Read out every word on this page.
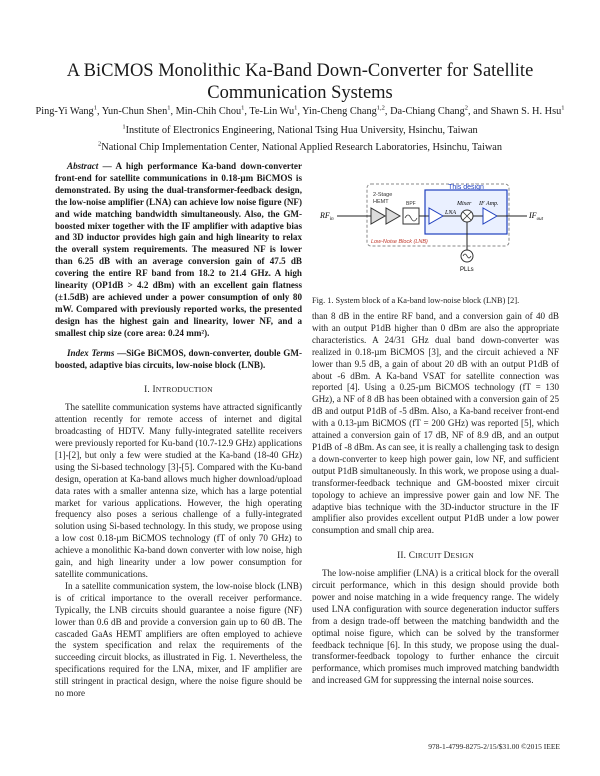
A BiCMOS Monolithic Ka-Band Down-Converter for Satellite
Communication Systems
Ping-Yi Wang$^1$, Yun-Chun Shen$^1$, Min-Chih Chou$^1$, Te-Lin Wu$^1$, Yin-Cheng Chang$^{1,2}$, Da-Chiang Chang$^2$, and Shawn S. H. Hsu$^1$
$^1$Institute of Electronics Engineering, National Tsing Hua University, Hsinchu, Taiwan
$^2$National Chip Implementation Center, National Applied Research Laboratories, Hsinchu, Taiwan

Abstract — A high performance Ka-band down-converter front-end for satellite communications in 0.18-µm BiCMOS is demonstrated. By using the dual-transformer-feedback design, the low-noise amplifier (LNA) can achieve low noise figure (NF) and wide matching bandwidth simultaneously. Also, the GM-boosted mixer together with the IF amplifier with adaptive bias and 3D inductor provides high gain and high linearity to relax the overall system requirements. The measured NF is lower than 6.25 dB with an average conversion gain of 47.5 dB covering the entire RF band from 18.2 to 21.4 GHz. A high linearity (OP1dB > 4.2 dBm) with an excellent gain flatness (±1.5dB) are achieved under a power consumption of only 80 mW. Compared with previously reported works, the presented design has the highest gain and linearity, lower NF, and a smallest chip size (core area: 0.24 mm²).

Index Terms —SiGe BiCMOS, down-converter, double GM-boosted, adaptive bias circuits, low-noise block (LNB).

I. INTRODUCTION

The satellite communication systems have attracted significantly attention recently for remote access of internet and digital broadcasting of HDTV. Many fully-integrated satellite receivers were previously reported for Ku-band (10.7-12.9 GHz) applications [1]-[2], but only a few were studied at the Ka-band (18-40 GHz) using the Si-based technology [3]-[5]. Compared with the Ku-band design, operation at Ka-band allows much higher download/upload data rates with a smaller antenna size, which has a large potential market for various applications. However, the high operating frequency also poses a serious challenge of a fully-integrated solution using Si-based technology. In this study, we propose using a low cost 0.18-µm BiCMOS technology (fT of only 70 GHz) to achieve a monolithic Ka-band down converter with low noise, high gain, and high linearity under a low power consumption for satellite communications.

In a satellite communication system, the low-noise block (LNB) is of critical importance to the overall receiver performance. Typically, the LNB circuits should guarantee a noise figure (NF) lower than 0.6 dB and provide a conversion gain up to 60 dB. The cascaded GaAs HEMT amplifiers are often employed to achieve the system specification and relax the requirements of the succeeding circuit blocks, as illustrated in Fig. 1. Nevertheless, the specifications required for the LNA, mixer, and IF amplifier are still stringent in practical design, where the noise figure should be no more

This design
$RF_{in}$
2-Stage
HEMT	BPF
LNA
Mixer IF Amp.
$IF_{out}$
PLLs
Low-Noise Block (LNB)
Fig. 1. System block of a Ka-band low-noise block (LNB) [2].

than 8 dB in the entire RF band, and a conversion gain of 40 dB with an output P1dB higher than 0 dBm are also the appropriate characteristics. A 24/31 GHz dual band down-converter was realized in 0.18-µm BiCMOS [3], and the circuit achieved a NF lower than 9.5 dB, a gain of about 20 dB with an output P1dB of about -6 dBm. A Ka-band VSAT for satellite connection was reported [4]. Using a 0.25-µm BiCMOS technology (fT = 130 GHz), a NF of 8 dB has been obtained with a conversion gain of 25 dB and output P1dB of -5 dBm. Also, a Ka-band receiver front-end with a 0.13-µm BiCMOS (fT = 200 GHz) was reported [5], which attained a conversion gain of 17 dB, NF of 8.9 dB, and an output P1dB of -8 dBm. As can see, it is really a challenging task to design a down-converter to keep high power gain, low NF, and sufficient output P1dB simultaneously. In this work, we propose using a dual- transformer-feedback technique and GM-boosted mixer circuit topology to achieve an impressive power gain and low NF. The adaptive bias technique with the 3D-inductor structure in the IF amplifier also provides excellent output P1dB under a low power consumption and small chip area.

II. CIRCUIT DESIGN

The low-noise amplifier (LNA) is a critical block for the overall circuit performance, which in this design should provide both power and noise matching in a wide frequency range. The widely used LNA configuration with source degeneration inductor suffers from a design trade-off between the matching bandwidth and the optimal noise figure, which can be solved by the transformer feedback technique [6]. In this study, we propose using the dual-transformer-feedback topology to further enhance the circuit performance, which promises much improved matching bandwidth and increased GM for suppressing the internal noise sources.

978-1-4799-8275-2/15/$31.00 ©2015 IEEE
